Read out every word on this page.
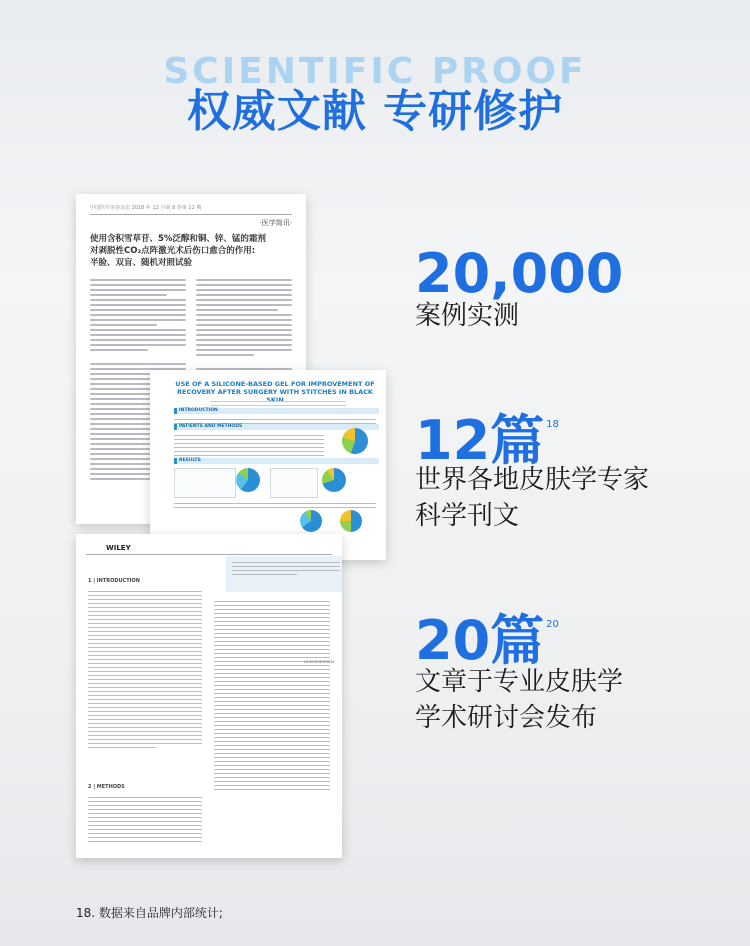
SCIENTIFIC PROOF
权威文献 专研修护
中国医疗美容杂志 2018 年 12 月第 8 卷第 12 期
·医学简讯·
使用含积雪草苷、5%泛醇和铜、锌、锰的霜剂
对剥脱性CO₂点阵激光术后伤口愈合的作用:
半脸、双盲、随机对照试验
USE OF A SILICONE-BASED GEL FOR IMPROVEMENT OF RECOVERY AFTER SURGERY WITH STITCHES IN BLACK
INTRODUCTION
PATIENTS AND METHODS
RESULTS
WILEY
1 | INTRODUCTION
2 | METHODS
LA ROCHE-POSAY
20,000
案例实测
12篇 $^{18}$
世界各地皮肤学专家
科学刊文
20篇 $^{20}$
文章于专业皮肤学
学术研讨会发布
18. 数据来自品牌内部统计;
